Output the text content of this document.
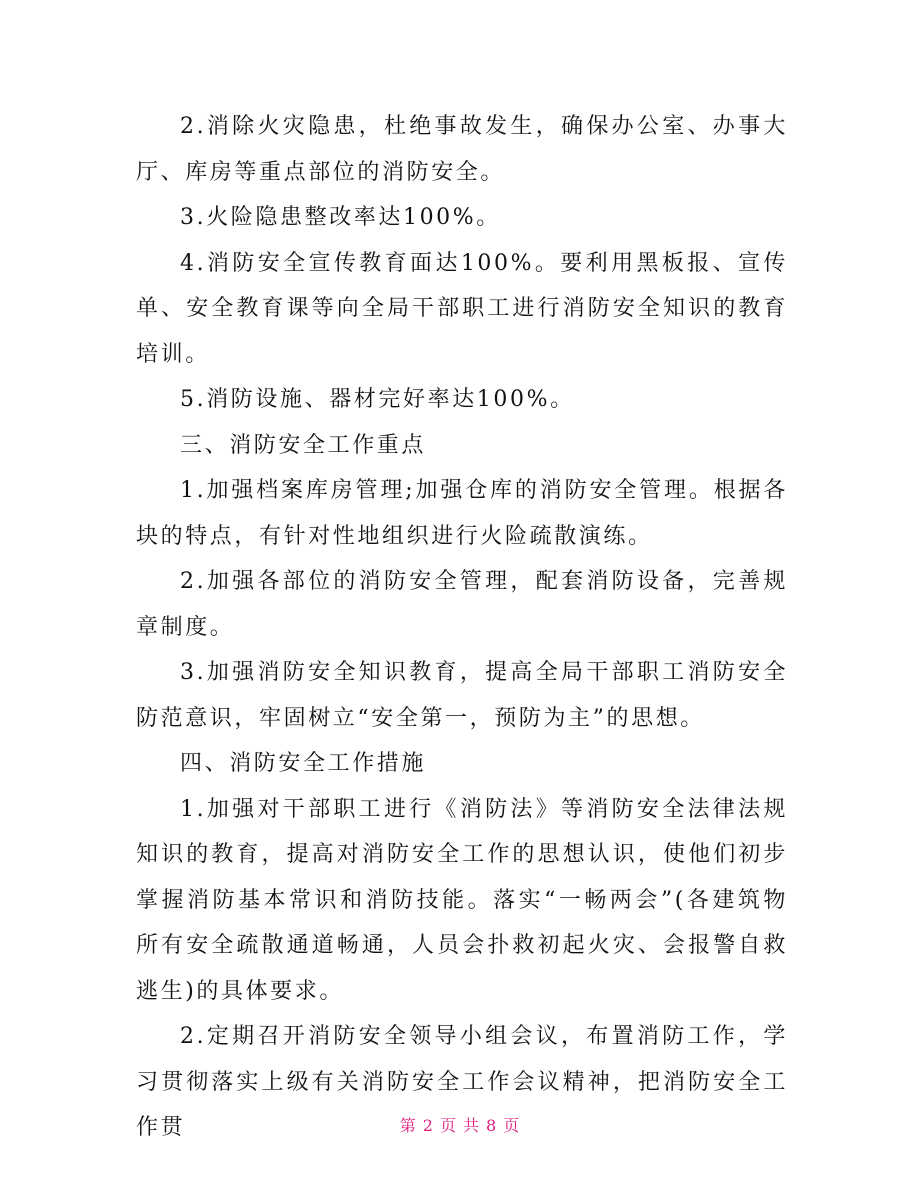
2.消除火灾隐患，杜绝事故发生，确保办公室、办事大厅、库房等重点部位的消防安全。

3.火险隐患整改率达100%。

4.消防安全宣传教育面达100%。要利用黑板报、宣传单、安全教育课等向全局干部职工进行消防安全知识的教育培训。

5.消防设施、器材完好率达100%。

三、消防安全工作重点

1.加强档案库房管理;加强仓库的消防安全管理。根据各块的特点，有针对性地组织进行火险疏散演练。

2.加强各部位的消防安全管理，配套消防设备，完善规章制度。

3.加强消防安全知识教育，提高全局干部职工消防安全防范意识，牢固树立“安全第一，预防为主”的思想。

四、消防安全工作措施

1.加强对干部职工进行《消防法》等消防安全法律法规知识的教育，提高对消防安全工作的思想认识，使他们初步掌握消防基本常识和消防技能。落实“一畅两会”(各建筑物所有安全疏散通道畅通，人员会扑救初起火灾、会报警自救逃生)的具体要求。

2.定期召开消防安全领导小组会议，布置消防工作，学习贯彻落实上级有关消防安全工作会议精神，把消防安全工作贯	第 2 页 共 8 页
